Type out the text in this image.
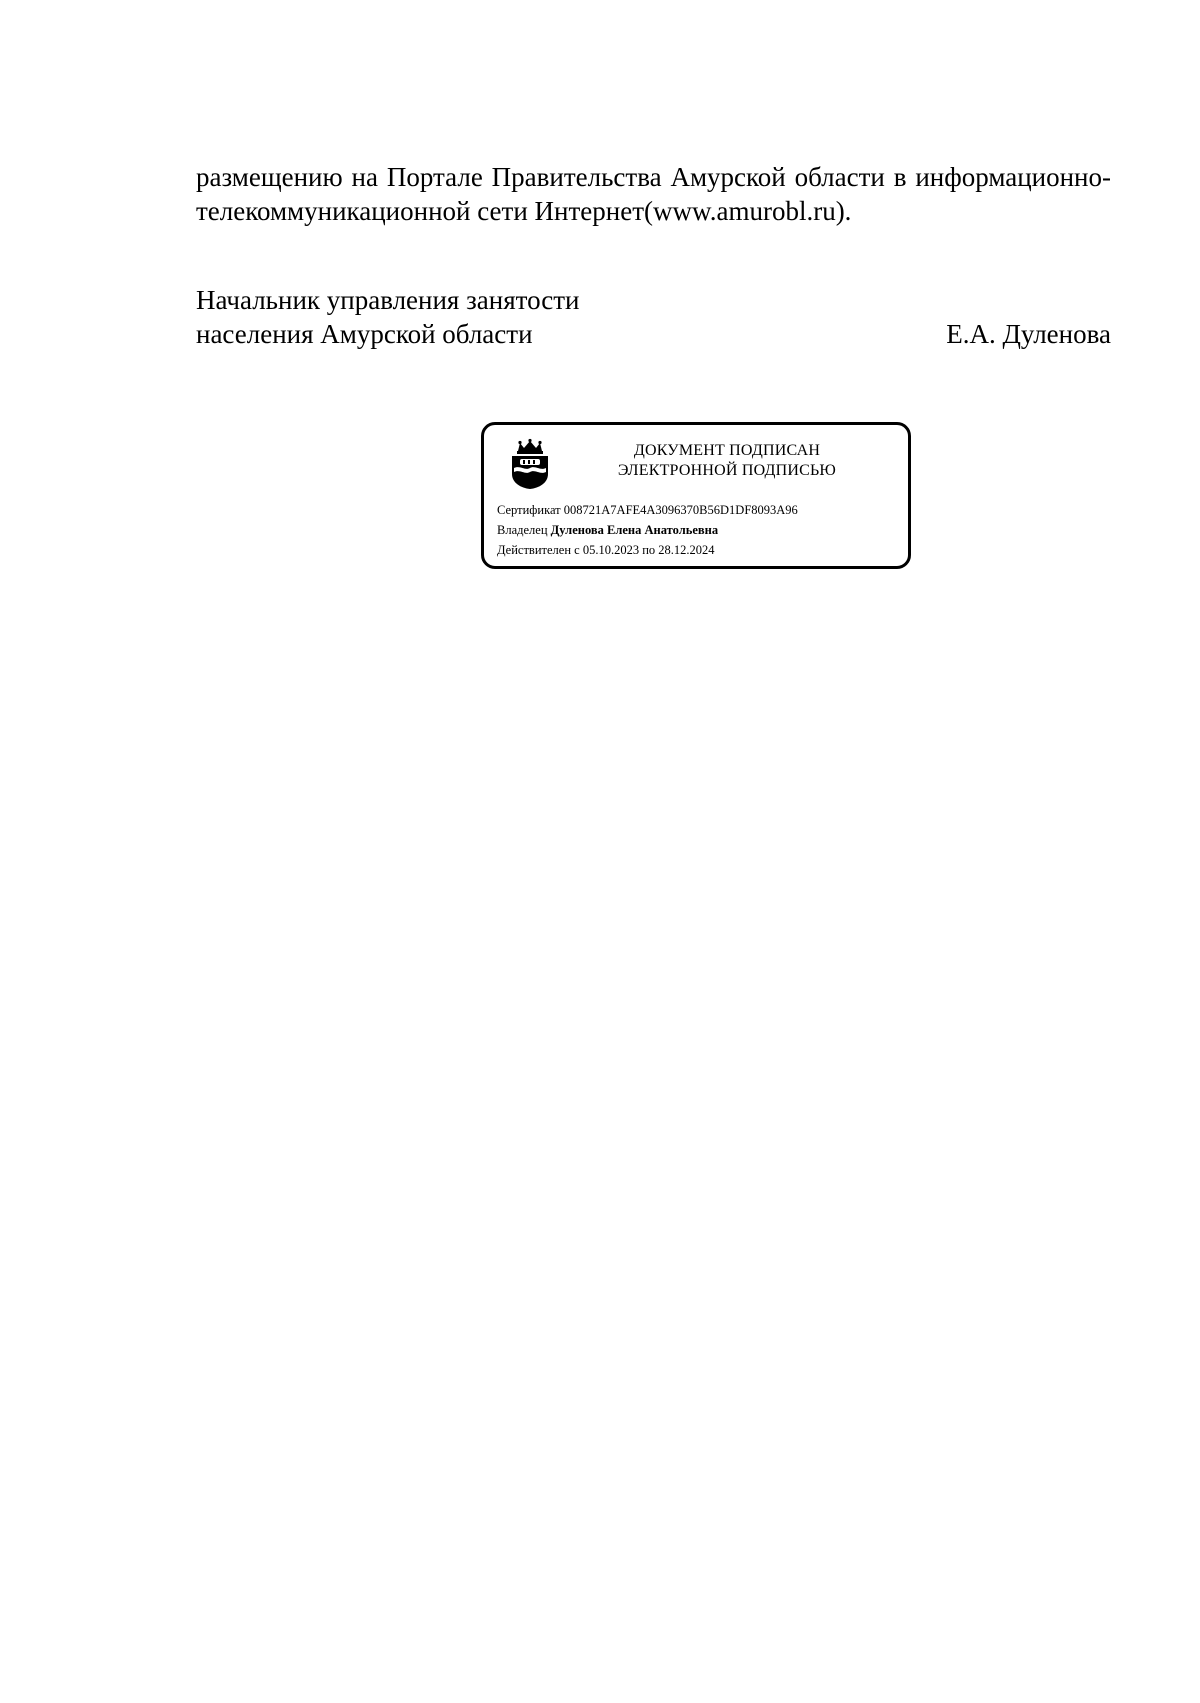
размещению на Портале Правительства Амурской области в информационно-
телекоммуникационной сети Интернет(www.amurobl.ru).
Начальник управления занятости
населения Амурской области	Е.А. Дуленова
ДОКУМЕНТ ПОДПИСАН
ЭЛЕКТРОННОЙ ПОДПИСЬЮ
Сертификат 008721A7AFE4A3096370B56D1DF8093A96
Владелец Дуленова Елена Анатольевна
Действителен с 05.10.2023 по 28.12.2024
